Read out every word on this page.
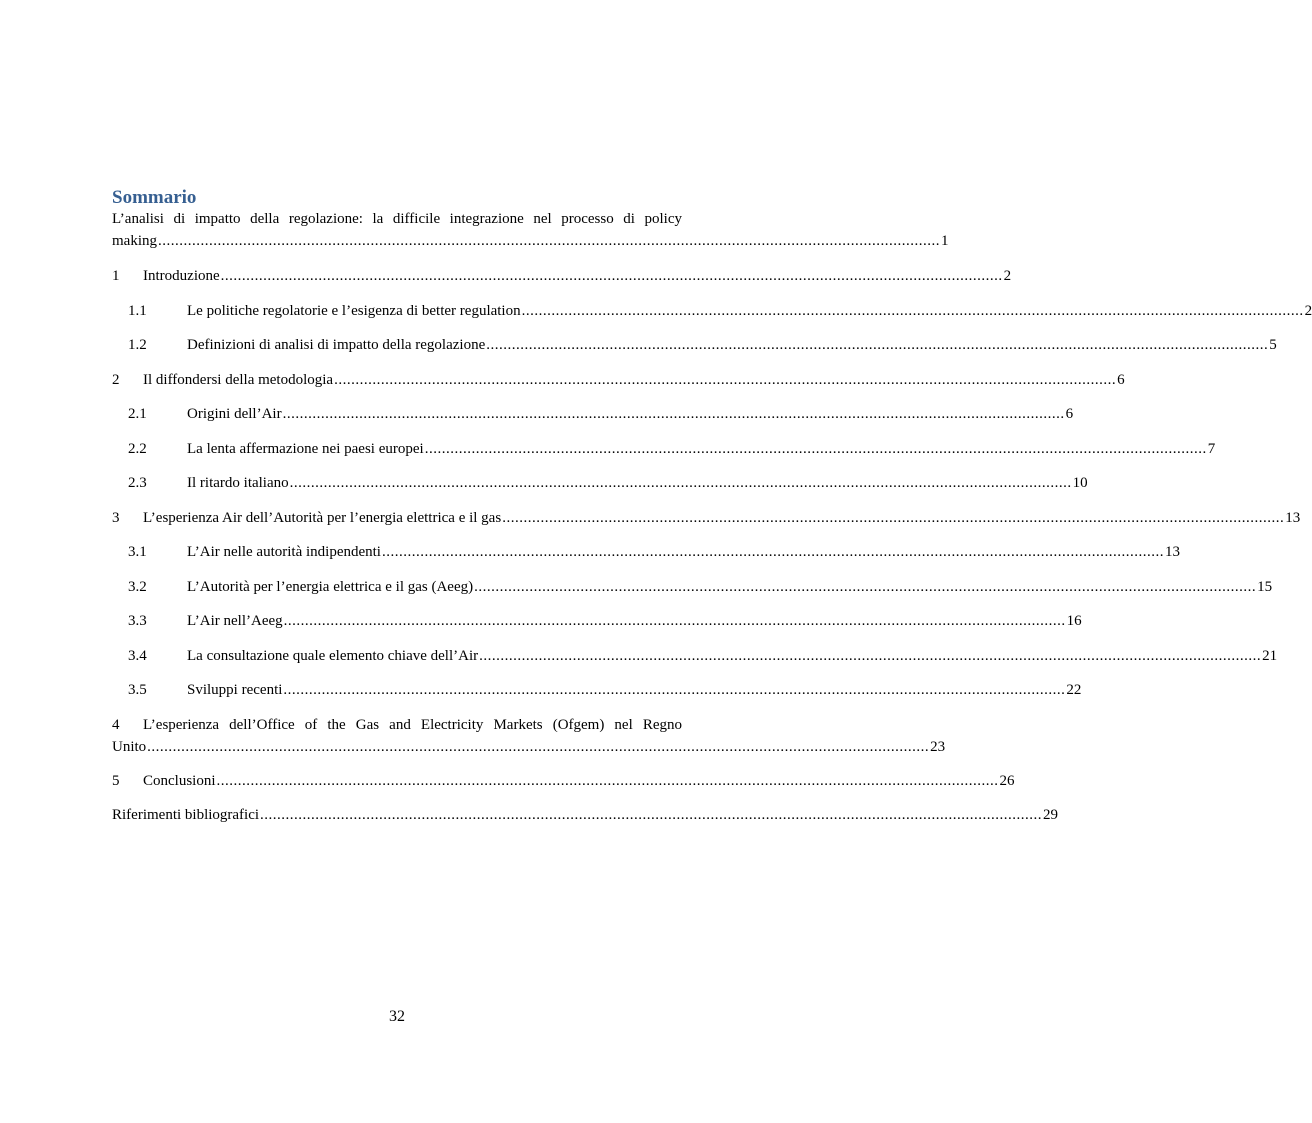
Sommario
L’analisi di impatto della regolazione: la difficile integrazione nel processo di policy
making ........................................................................................................................................................................................ 1
1	Introduzione ........................................................................................................................................................................................ 2
1.1	Le politiche regolatorie e l’esigenza di better regulation ........................................................................................................................................................................................ 2
1.2	Definizioni di analisi di impatto della regolazione ........................................................................................................................................................................................ 5
2	Il diffondersi della metodologia ........................................................................................................................................................................................ 6
2.1	Origini dell’Air ........................................................................................................................................................................................ 6
2.2	La lenta affermazione nei paesi europei ........................................................................................................................................................................................ 7
2.3	Il ritardo italiano ........................................................................................................................................................................................ 10
3	L’esperienza Air dell’Autorità per l’energia elettrica e il gas ........................................................................................................................................................................................ 13
3.1	L’Air nelle autorità indipendenti ........................................................................................................................................................................................ 13
3.2	L’Autorità per l’energia elettrica e il gas (Aeeg) ........................................................................................................................................................................................ 15
3.3	L’Air nell’Aeeg ........................................................................................................................................................................................ 16
3.4	La consultazione quale elemento chiave dell’Air ........................................................................................................................................................................................ 21
3.5	Sviluppi recenti ........................................................................................................................................................................................ 22
4	L’esperienza dell’Office of the Gas and Electricity Markets (Ofgem) nel Regno
Unito ........................................................................................................................................................................................ 23
5	Conclusioni ........................................................................................................................................................................................ 26
Riferimenti bibliografici ........................................................................................................................................................................................ 29
32
